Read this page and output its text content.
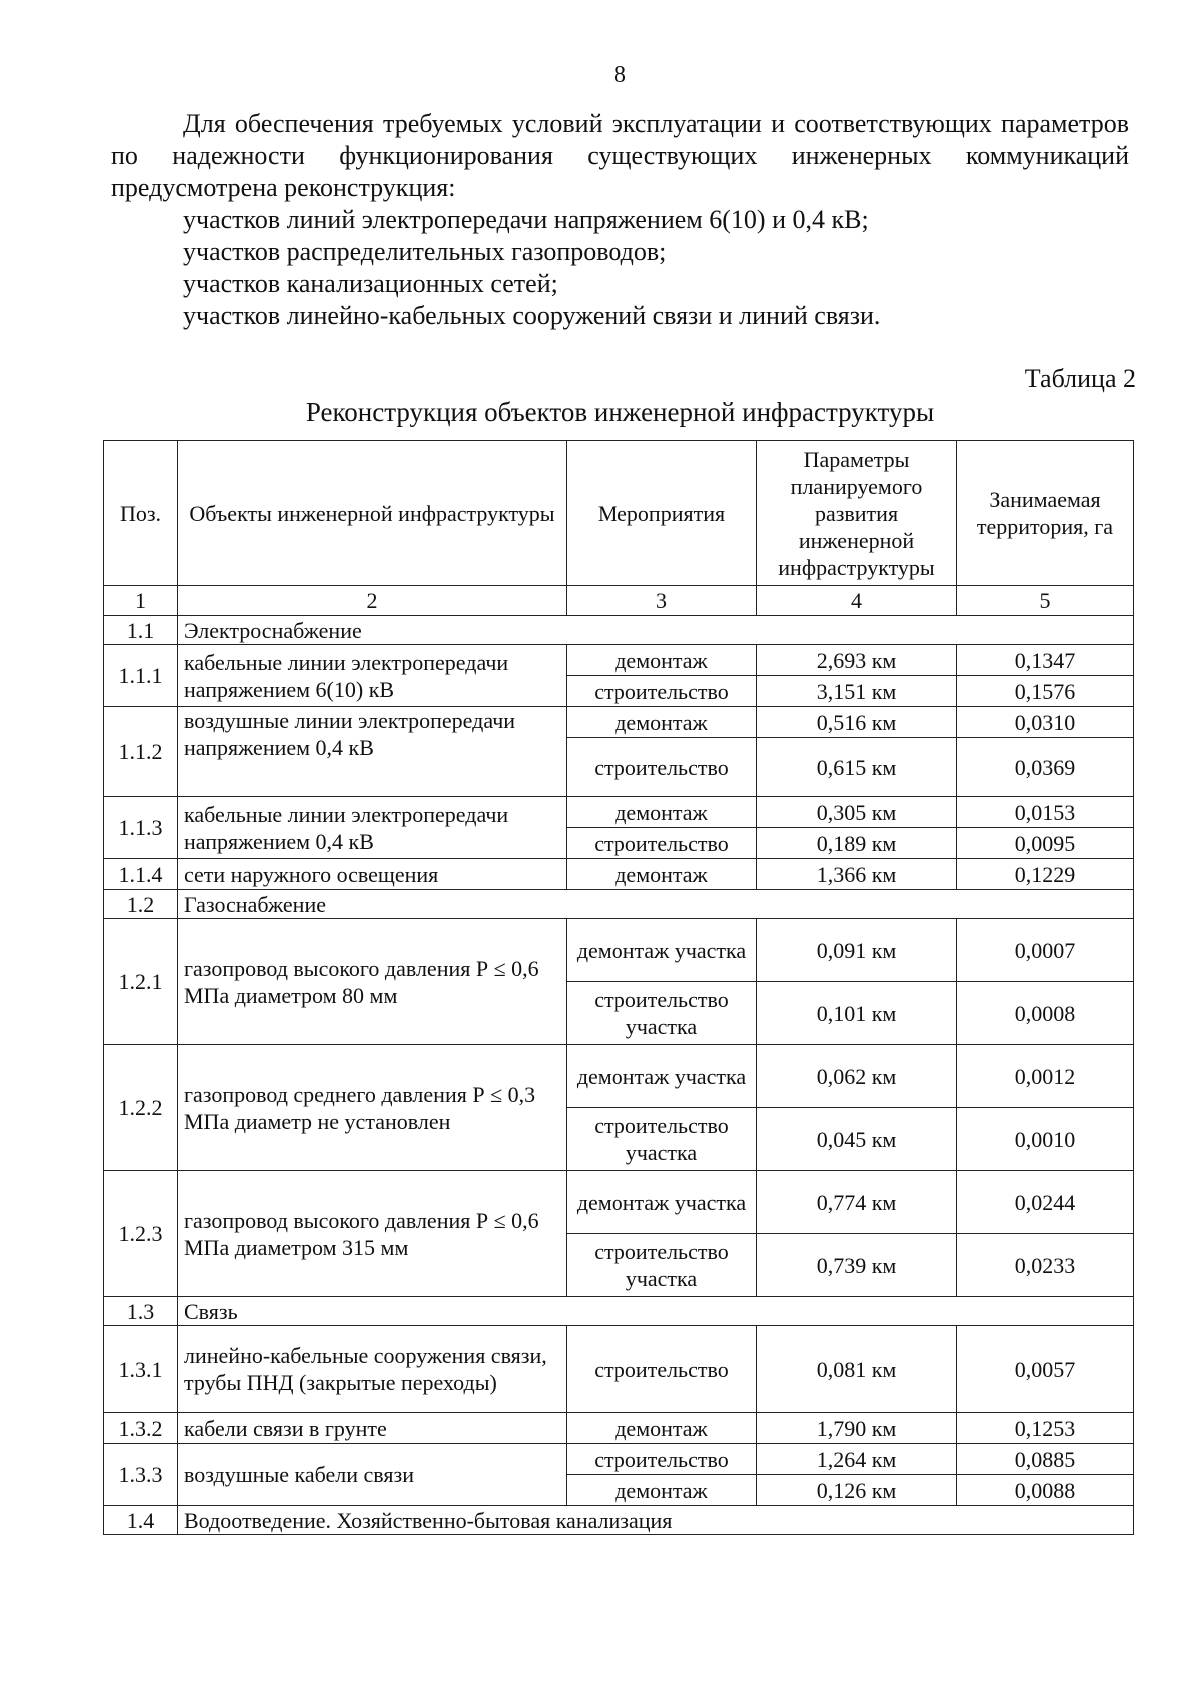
8

Для обеспечения требуемых условий эксплуатации и соответствующих параметров по надежности функционирования существующих инженерных коммуникаций предусмотрена реконструкция:

участков линий электропередачи напряжением 6(10) и 0,4 кВ;
участков распределительных газопроводов;
участков канализационных сетей;
участков линейно-кабельных сооружений связи и линий связи.
Таблица 2
Реконструкция объектов инженерной инфраструктуры
Поз.	Объекты инженерной инфраструктуры	Мероприятия	Параметры планируемого развития инженерной инфраструктуры	Занимаемая территория, га
1	2	3	4	5
1.1	Электроснабжение			
1.1.1	кабельные линии электропередачи напряжением 6(10) кВ	демонтаж	2,693 км	0,1347
		строительство	3,151 км	0,1576
1.1.2	воздушные линии электропередачи напряжением 0,4 кВ	демонтаж	0,516 км	0,0310
		строительство	0,615 км	0,0369
1.1.3	кабельные линии электропередачи напряжением 0,4 кВ	демонтаж	0,305 км	0,0153
		строительство	0,189 км	0,0095
1.1.4	сети наружного освещения	демонтаж	1,366 км	0,1229
1.2	Газоснабжение			
1.2.1	газопровод высокого давления Р ≤ 0,6 МПа диаметром 80 мм	демонтаж участка	0,091 км	0,0007
		строительство участка	0,101 км	0,0008
1.2.2	газопровод среднего давления Р ≤ 0,3 МПа диаметр не установлен	демонтаж участка	0,062 км	0,0012
		строительство участка	0,045 км	0,0010
1.2.3	газопровод высокого давления Р ≤ 0,6 МПа диаметром 315 мм	демонтаж участка	0,774 км	0,0244
		строительство участка	0,739 км	0,0233
1.3	Связь			
1.3.1	линейно-кабельные сооружения связи, трубы ПНД (закрытые переходы)	строительство	0,081 км	0,0057
1.3.2	кабели связи в грунте	демонтаж	1,790 км	0,1253
1.3.3	воздушные кабели связи	строительство	1,264 км	0,0885
		демонтаж	0,126 км	0,0088
1.4	Водоотведение. Хозяйственно-бытовая канализация			
